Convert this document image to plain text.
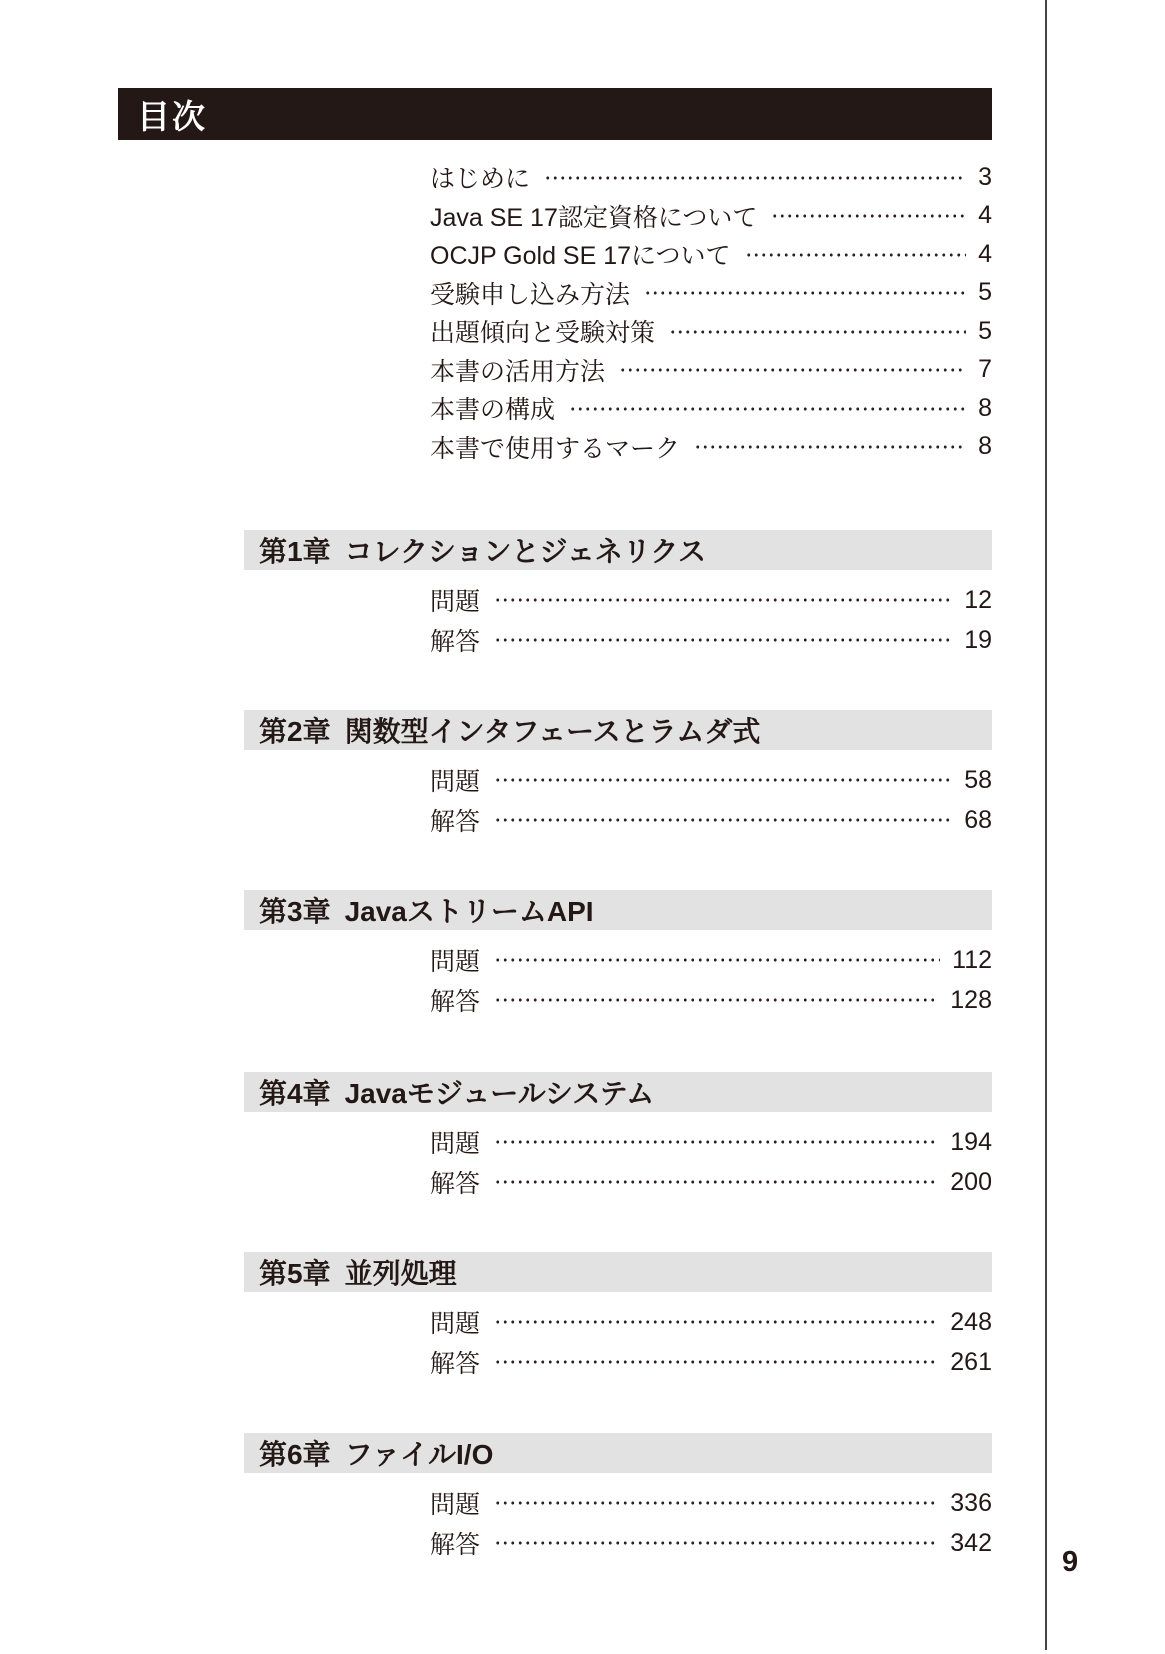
目次
はじめに	3
Java SE 17認定資格について	4
OCJP Gold SE 17について	4
受験申し込み方法	5
出題傾向と受験対策	5
本書の活用方法	7
本書の構成	8
本書で使用するマーク	8
第1章 コレクションとジェネリクス
問題	12
解答	19
第2章 関数型インタフェースとラムダ式
問題	58
解答	68
第3章 JavaストリームAPI
問題	112
解答	128
第4章 Javaモジュールシステム
問題	194
解答	200
第5章 並列処理
問題	248
解答	261
第6章 ファイルI/O
問題	336
解答	342
9
